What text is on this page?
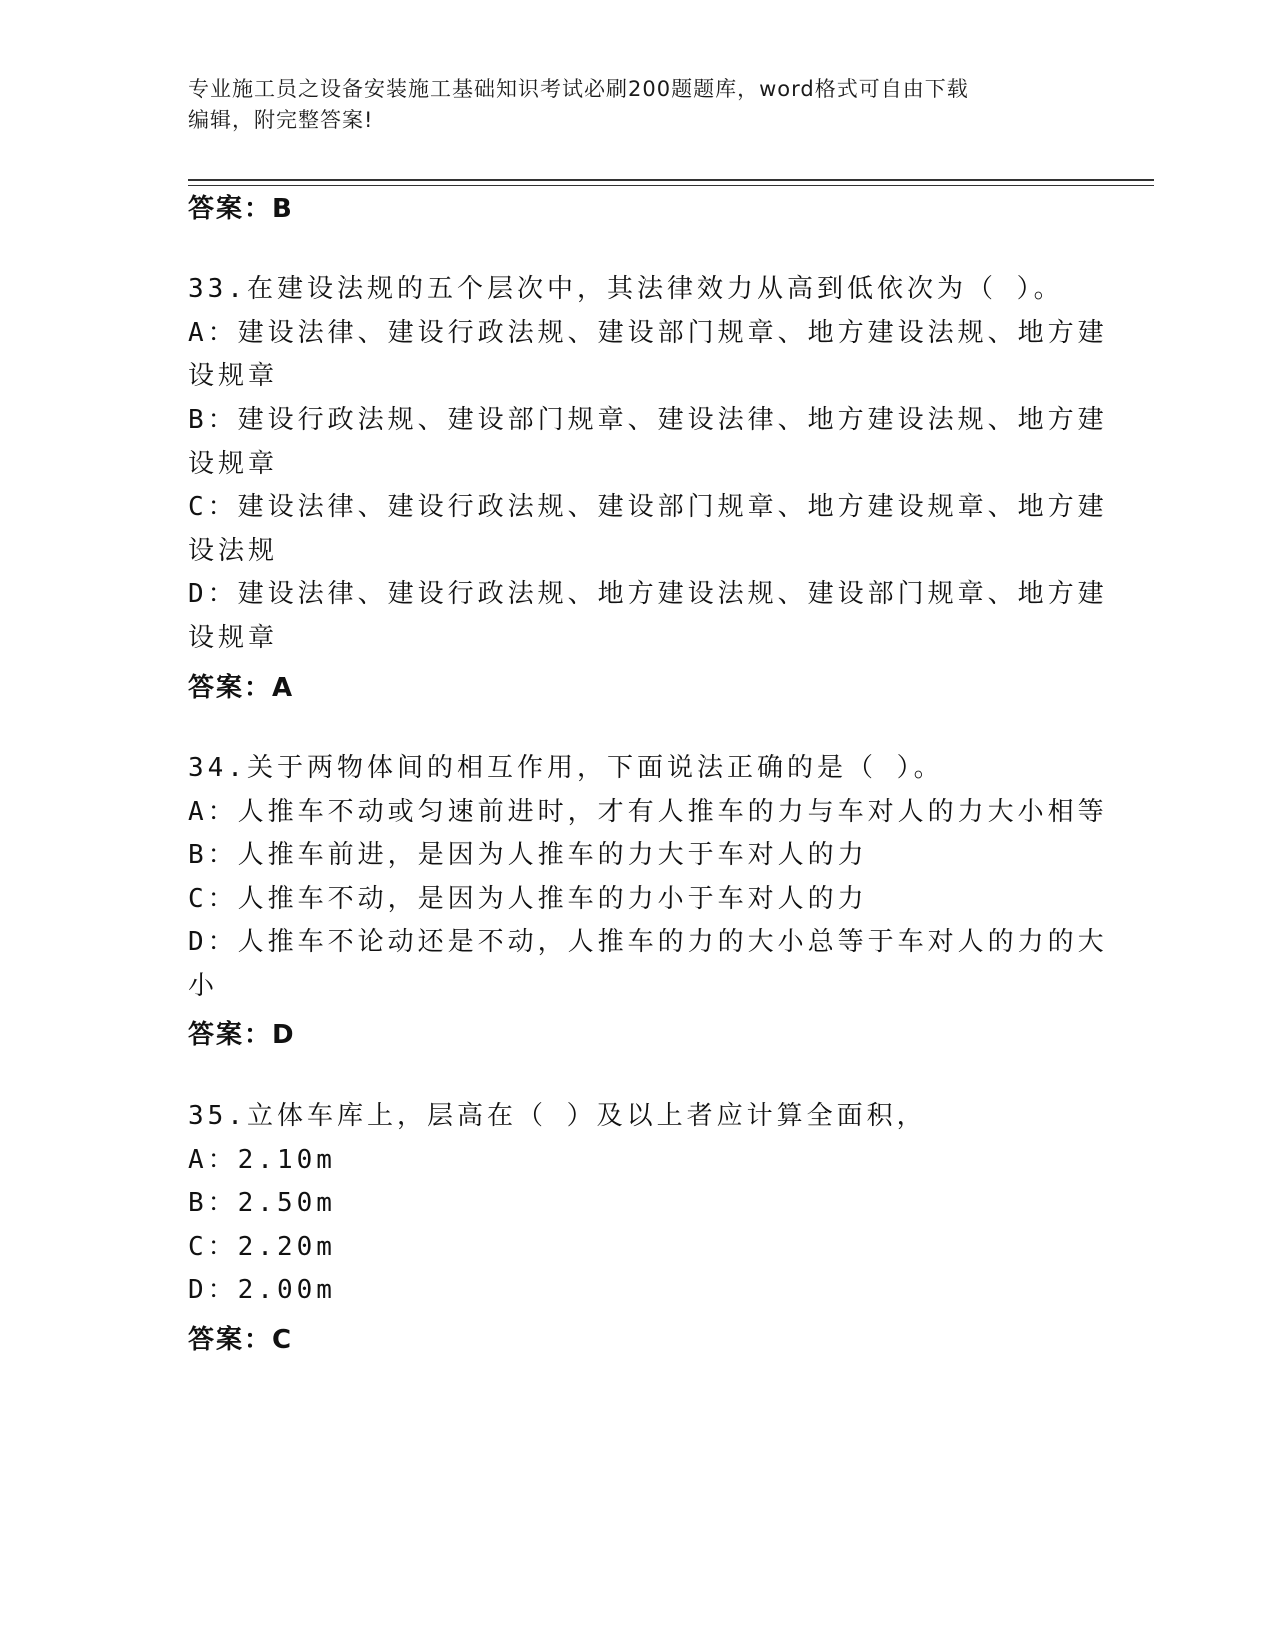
专业施工员之设备安装施工基础知识考试必刷200题题库，word格式可自由下载
编辑，附完整答案!
答案：B
33.在建设法规的五个层次中，其法律效力从高到低依次为（ ）。
A：建设法律、建设行政法规、建设部门规章、地方建设法规、地方建
设规章
B：建设行政法规、建设部门规章、建设法律、地方建设法规、地方建
设规章
C：建设法律、建设行政法规、建设部门规章、地方建设规章、地方建
设法规
D：建设法律、建设行政法规、地方建设法规、建设部门规章、地方建
设规章
答案：A
34.关于两物体间的相互作用，下面说法正确的是（ ）。
A：人推车不动或匀速前进时，才有人推车的力与车对人的力大小相等
B：人推车前进，是因为人推车的力大于车对人的力
C：人推车不动，是因为人推车的力小于车对人的力
D：人推车不论动还是不动，人推车的力的大小总等于车对人的力的大
小
答案：D
35.立体车库上，层高在（ ）及以上者应计算全面积，
A：2.10m
B：2.50m
C：2.20m
D：2.00m
答案：C
